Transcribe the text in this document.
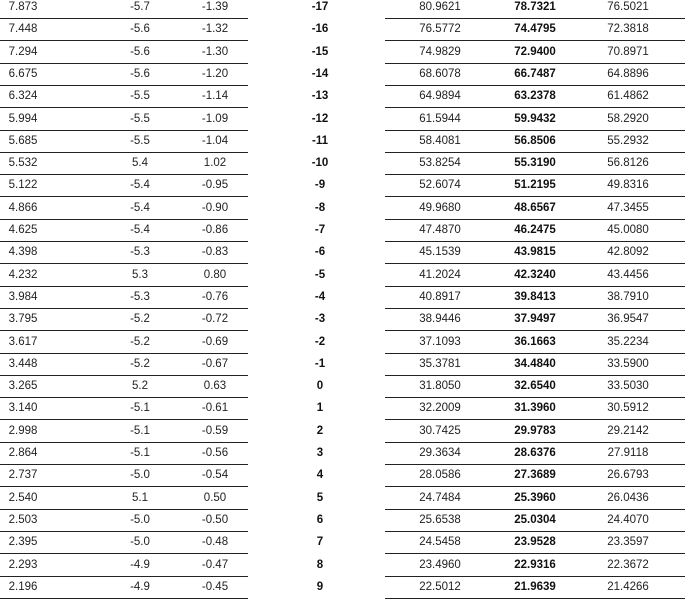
7.873	-5.7	-1.39	-17	80.9621	78.7321	76.5021
7.448	-5.6	-1.32	-16	76.5772	74.4795	72.3818
7.294	-5.6	-1.30	-15	74.9829	72.9400	70.8971
6.675	-5.6	-1.20	-14	68.6078	66.7487	64.8896
6.324	-5.5	-1.14	-13	64.9894	63.2378	61.4862
5.994	-5.5	-1.09	-12	61.5944	59.9432	58.2920
5.685	-5.5	-1.04	-11	58.4081	56.8506	55.2932
5.532	5.4	1.02	-10	53.8254	55.3190	56.8126
5.122	-5.4	-0.95	-9	52.6074	51.2195	49.8316
4.866	-5.4	-0.90	-8	49.9680	48.6567	47.3455
4.625	-5.4	-0.86	-7	47.4870	46.2475	45.0080
4.398	-5.3	-0.83	-6	45.1539	43.9815	42.8092
4.232	5.3	0.80	-5	41.2024	42.3240	43.4456
3.984	-5.3	-0.76	-4	40.8917	39.8413	38.7910
3.795	-5.2	-0.72	-3	38.9446	37.9497	36.9547
3.617	-5.2	-0.69	-2	37.1093	36.1663	35.2234
3.448	-5.2	-0.67	-1	35.3781	34.4840	33.5900
3.265	5.2	0.63	0	31.8050	32.6540	33.5030
3.140	-5.1	-0.61	1	32.2009	31.3960	30.5912
2.998	-5.1	-0.59	2	30.7425	29.9783	29.2142
2.864	-5.1	-0.56	3	29.3634	28.6376	27.9118
2.737	-5.0	-0.54	4	28.0586	27.3689	26.6793
2.540	5.1	0.50	5	24.7484	25.3960	26.0436
2.503	-5.0	-0.50	6	25.6538	25.0304	24.4070
2.395	-5.0	-0.48	7	24.5458	23.9528	23.3597
2.293	-4.9	-0.47	8	23.4960	22.9316	22.3672
2.196	-4.9	-0.45	9	22.5012	21.9639	21.4266
